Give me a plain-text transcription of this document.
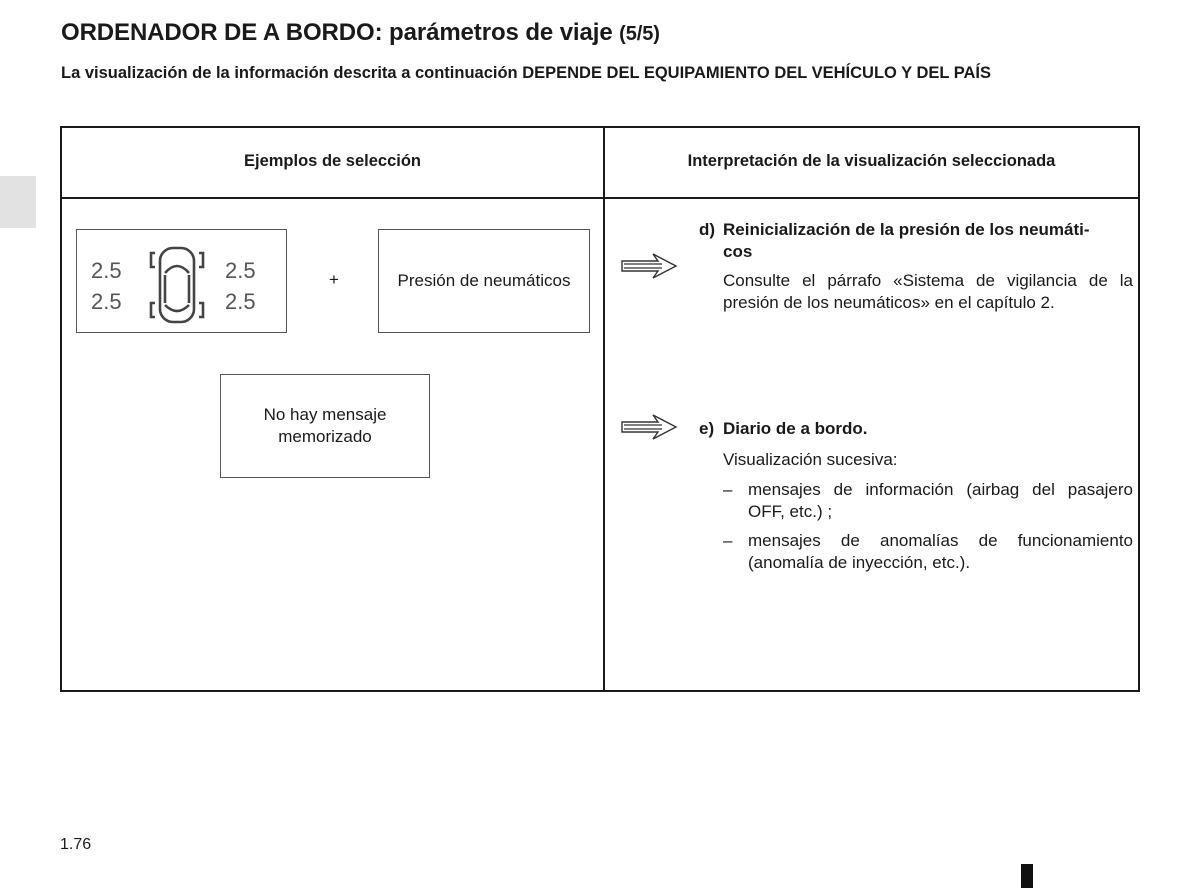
ORDENADOR DE A BORDO: parámetros de viaje (5/5)
La visualización de la información descrita a continuación DEPENDE DEL EQUIPAMIENTO DEL VEHÍCULO Y DEL PAÍS
Ejemplos de selección	Interpretación de la visualización seleccionada
2.5
2.5
2.5
2.5
+	Presión de neumáticos
No hay mensaje
memorizado
d) Reinicialización de la presión de los neumáti-
cos
Consulte el párrafo «Sistema de vigilancia de la presión de los neumáticos» en el capítulo 2.
e) Diario de a bordo.
Visualización sucesiva:
– mensajes de información (airbag del pasajero OFF, etc.) ;
– mensajes de anomalías de funcionamiento (anomalía de inyección, etc.).
1.76
